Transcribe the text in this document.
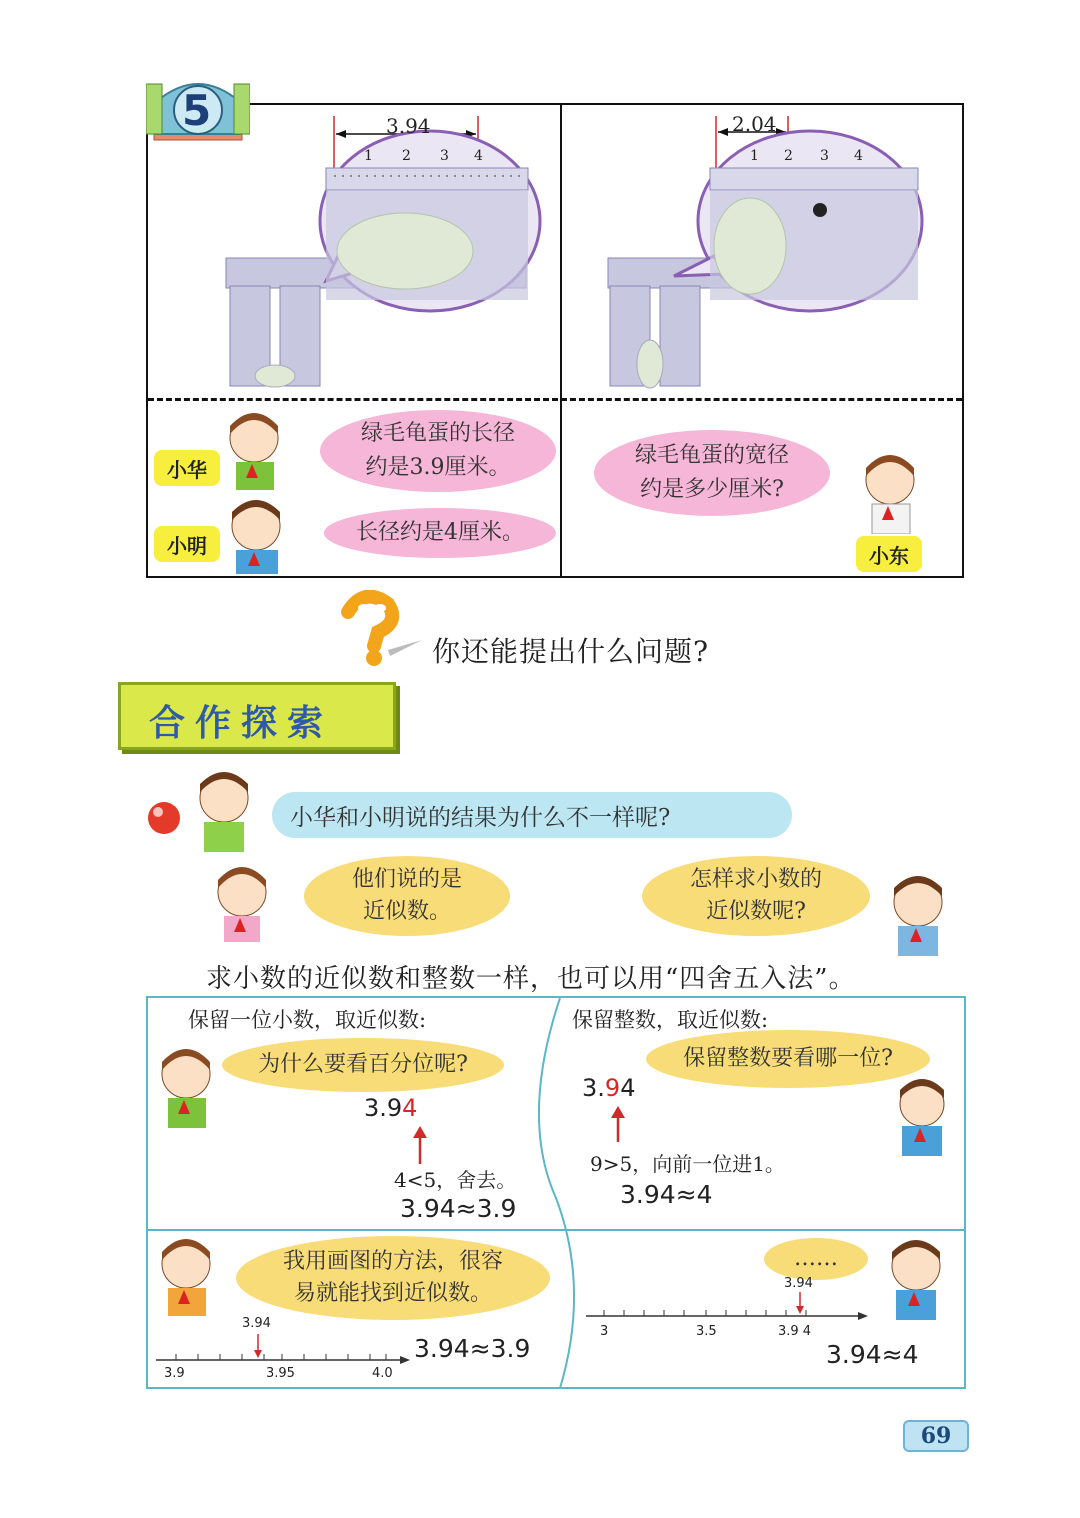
5	3.94
1 2 3 4
2.04
1 2 3 4
小华
绿毛龟蛋的长径
约是3.9厘米。
小明
长径约是4厘米。
绿毛龟蛋的宽径
约是多少厘米?
小东
你还能提出什么问题?
合作探索
小华和小明说的结果为什么不一样呢?
他们说的是
近似数。
怎样求小数的
近似数呢?
求小数的近似数和整数一样，也可以用“四舍五入法”。
保留一位小数，取近似数:
为什么要看百分位呢?
3.94
4<5，舍去。
3.94≈3.9
保留整数，取近似数:
保留整数要看哪一位?
3.94
9>5，向前一位进1。
3.94≈4
我用画图的方法，很容
易就能找到近似数。
3.94
3.9	3.95	4.0
3.94≈3.9
……
3.94
3	3.5	3.9 4
3.94≈4
69
